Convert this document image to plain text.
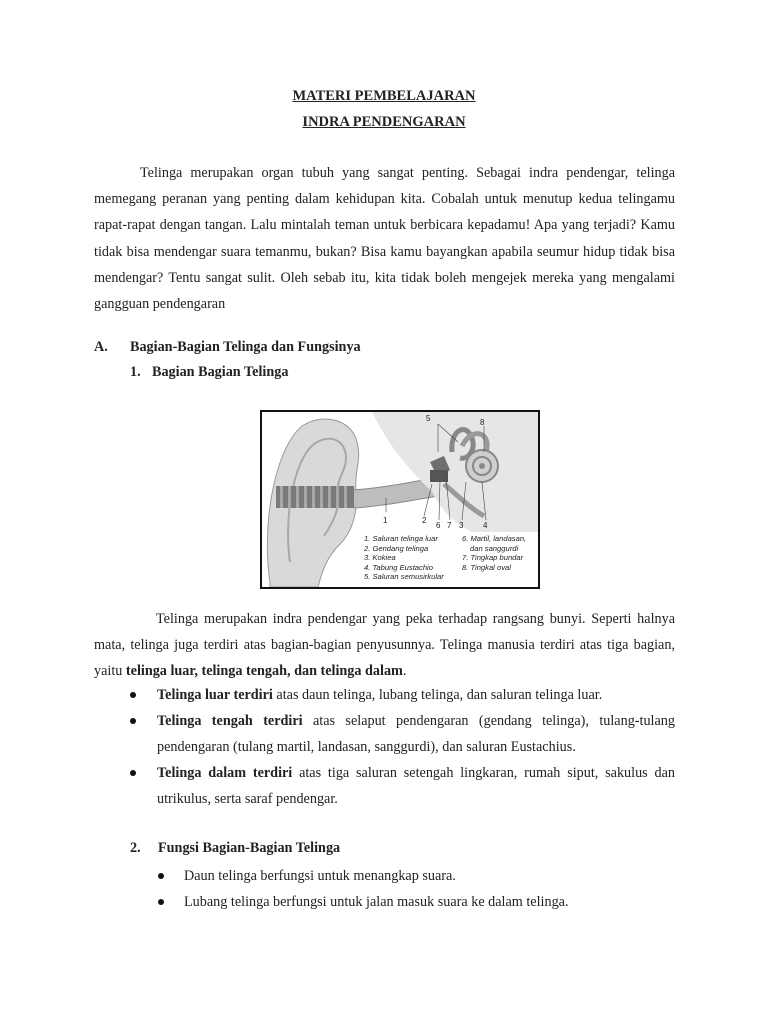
MATERI PEMBELAJARAN
INDRA PENDENGARAN
Telinga merupakan organ tubuh yang sangat penting. Sebagai indra pendengar, telinga memegang peranan yang penting dalam kehidupan kita. Cobalah untuk menutup kedua telingamu rapat-rapat dengan tangan. Lalu mintalah teman untuk berbicara kepadamu! Apa yang terjadi? Kamu tidak bisa mendengar suara temanmu, bukan? Bisa kamu bayangkan apabila seumur hidup tidak bisa mendengar? Tentu sangat sulit. Oleh sebab itu, kita tidak boleh mengejek mereka yang mengalami gangguan pendengaran
A. Bagian-Bagian Telinga dan Fungsinya
1. Bagian Bagian Telinga
5	8
1	2
6 7 3 4
1. Saluran telinga luar
2. Gendang telinga
3. Kokiea
4. Tabung Eustachio
5. Saluran semusirkular
6. Martil, landasan,
dan sanggurdi
7. Tingkap bundar
8. Tingkal oval
Telinga merupakan indra pendengar yang peka terhadap rangsang bunyi. Seperti halnya mata, telinga juga terdiri atas bagian-bagian penyusunnya. Telinga manusia terdiri atas tiga bagian, yaitu telinga luar, telinga tengah, dan telinga dalam.
Telinga luar terdiri atas daun telinga, lubang telinga, dan saluran telinga luar.
Telinga tengah terdiri atas selaput pendengaran (gendang telinga), tulang-tulang pendengaran (tulang martil, landasan, sanggurdi), dan saluran Eustachius.
Telinga dalam terdiri atas tiga saluran setengah lingkaran, rumah siput, sakulus dan utrikulus, serta saraf pendengar.
2. Fungsi Bagian-Bagian Telinga
Daun telinga berfungsi untuk menangkap suara.
Lubang telinga berfungsi untuk jalan masuk suara ke dalam telinga.
